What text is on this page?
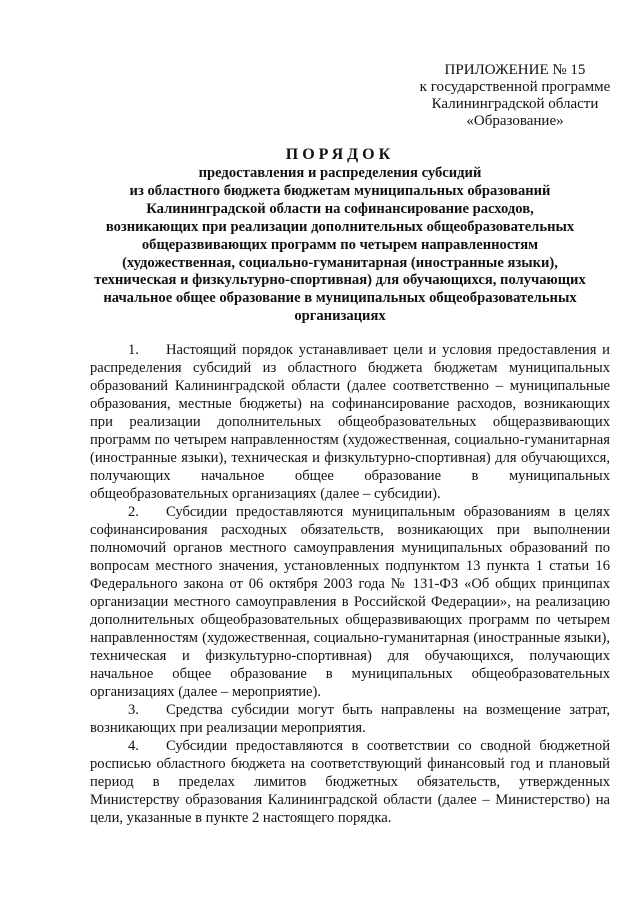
ПРИЛОЖЕНИЕ № 15
к государственной программе
Калининградской области
«Образование»
ПОРЯДОК
предоставления и распределения субсидий
из областного бюджета бюджетам муниципальных образований
Калининградской области на софинансирование расходов,
возникающих при реализации дополнительных общеобразовательных
общеразвивающих программ по четырем направленностям
(художественная, социально-гуманитарная (иностранные языки),
техническая и физкультурно-спортивная) для обучающихся, получающих
начальное общее образование в муниципальных общеобразовательных
организациях

1. Настоящий порядок устанавливает цели и условия предоставления и распределения субсидий из областного бюджета бюджетам муниципальных образований Калининградской области (далее соответственно – муниципальные образования, местные бюджеты) на софинансирование расходов, возникающих при реализации дополнительных общеобразовательных общеразвивающих программ по четырем направленностям (художественная, социально-гуманитарная (иностранные языки), техническая и физкультурно-спортивная) для обучающихся, получающих начальное общее образование в муниципальных общеобразовательных организациях (далее – субсидии).

2. Субсидии предоставляются муниципальным образованиям в целях софинансирования расходных обязательств, возникающих при выполнении полномочий органов местного самоуправления муниципальных образований по вопросам местного значения, установленных подпунктом 13 пункта 1 статьи 16 Федерального закона от 06 октября 2003 года № 131-ФЗ «Об общих принципах организации местного самоуправления в Российской Федерации», на реализацию дополнительных общеобразовательных общеразвивающих программ по четырем направленностям (художественная, социально-гуманитарная (иностранные языки), техническая и физкультурно-спортивная) для обучающихся, получающих начальное общее образование в муниципальных общеобразовательных организациях (далее – мероприятие).

3. Средства субсидии могут быть направлены на возмещение затрат, возникающих при реализации мероприятия.

4. Субсидии предоставляются в соответствии со сводной бюджетной росписью областного бюджета на соответствующий финансовый год и плановый период в пределах лимитов бюджетных обязательств, утвержденных Министерству образования Калининградской области (далее – Министерство) на цели, указанные в пункте 2 настоящего порядка.
